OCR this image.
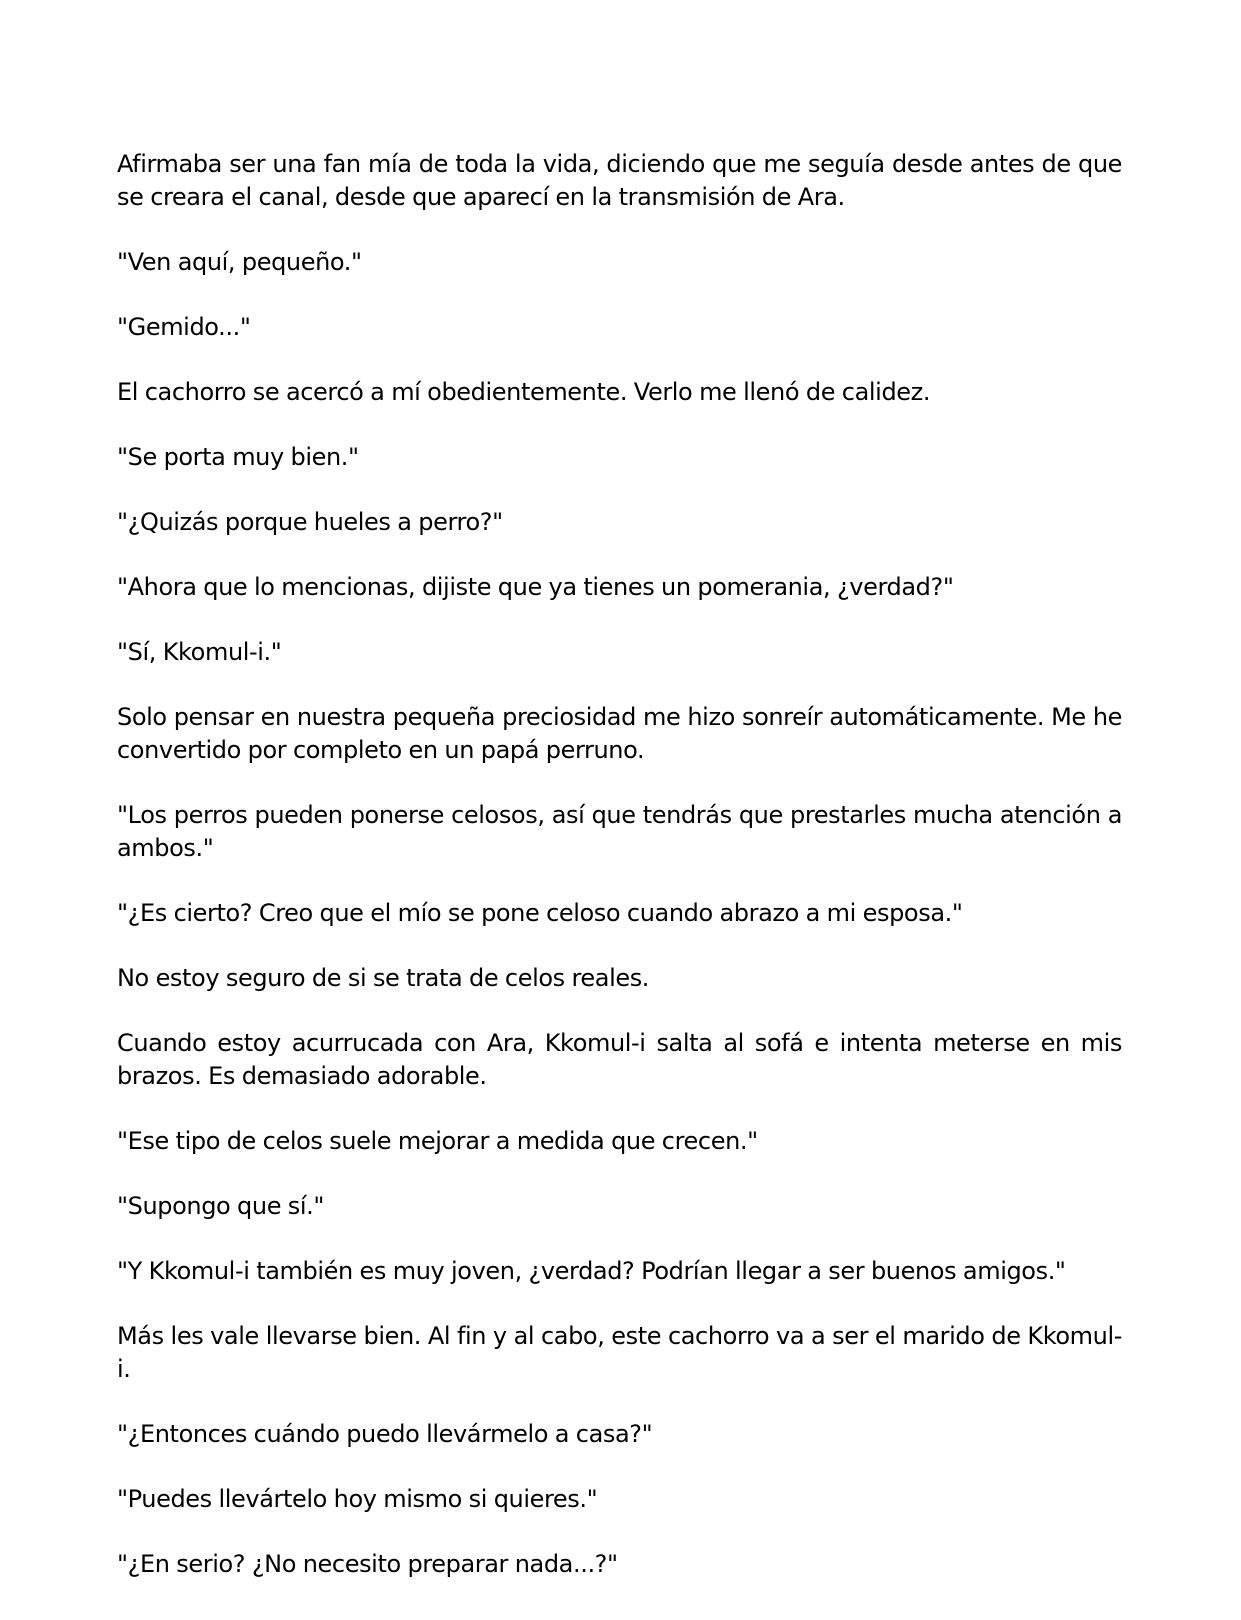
Afirmaba ser una fan mía de toda la vida, diciendo que me seguía desde antes de que se creara el canal, desde que aparecí en la transmisión de Ara.

"Ven aquí, pequeño."

"Gemido..."

El cachorro se acercó a mí obedientemente. Verlo me llenó de calidez.

"Se porta muy bien."

"¿Quizás porque hueles a perro?"

"Ahora que lo mencionas, dijiste que ya tienes un pomerania, ¿verdad?"

"Sí, Kkomul-i."

Solo pensar en nuestra pequeña preciosidad me hizo sonreír automáticamente. Me he convertido por completo en un papá perruno.

"Los perros pueden ponerse celosos, así que tendrás que prestarles mucha atención a ambos."

"¿Es cierto? Creo que el mío se pone celoso cuando abrazo a mi esposa."

No estoy seguro de si se trata de celos reales.

Cuando estoy acurrucada con Ara, Kkomul-i salta al sofá e intenta meterse en mis brazos. Es demasiado adorable.

"Ese tipo de celos suele mejorar a medida que crecen."

"Supongo que sí."

"Y Kkomul-i también es muy joven, ¿verdad? Podrían llegar a ser buenos amigos."

Más les vale llevarse bien. Al fin y al cabo, este cachorro va a ser el marido de Kkomul-i.

"¿Entonces cuándo puedo llevármelo a casa?"

"Puedes llevártelo hoy mismo si quieres."

"¿En serio? ¿No necesito preparar nada...?"
